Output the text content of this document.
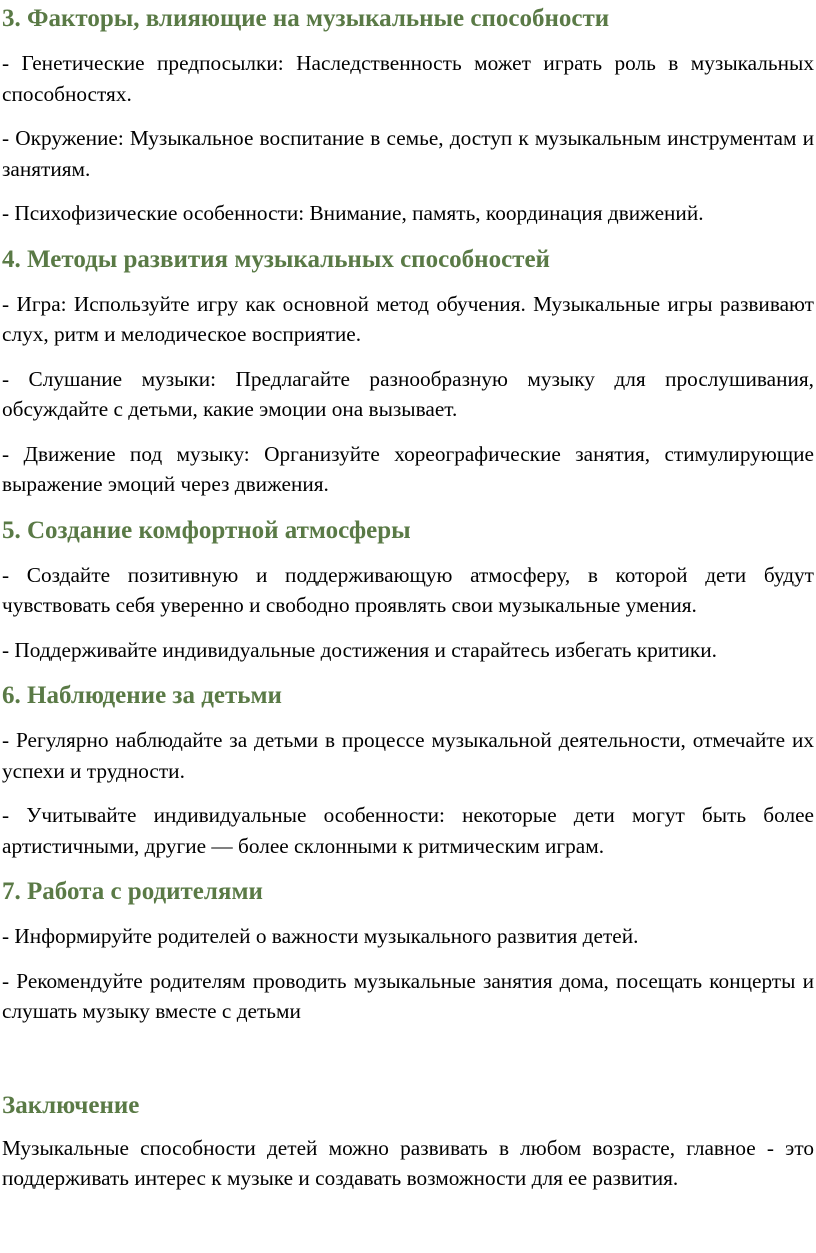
3. Факторы, влияющие на музыкальные способности

- Генетические предпосылки: Наследственность может играть роль в музыкальных способностях.

- Окружение: Музыкальное воспитание в семье, доступ к музыкальным инструментам и занятиям.

- Психофизические особенности: Внимание, память, координация движений.

4. Методы развития музыкальных способностей

- Игра: Используйте игру как основной метод обучения. Музыкальные игры развивают слух, ритм и мелодическое восприятие.

- Слушание музыки: Предлагайте разнообразную музыку для прослушивания, обсуждайте с детьми, какие эмоции она вызывает.

- Движение под музыку: Организуйте хореографические занятия, стимулирующие выражение эмоций через движения.

5. Создание комфортной атмосферы

- Создайте позитивную и поддерживающую атмосферу, в которой дети будут чувствовать себя уверенно и свободно проявлять свои музыкальные умения.

- Поддерживайте индивидуальные достижения и старайтесь избегать критики.

6. Наблюдение за детьми

- Регулярно наблюдайте за детьми в процессе музыкальной деятельности, отмечайте их успехи и трудности.

- Учитывайте индивидуальные особенности: некоторые дети могут быть более артистичными, другие — более склонными к ритмическим играм.

7. Работа с родителями

- Информируйте родителей о важности музыкального развития детей.

- Рекомендуйте родителям проводить музыкальные занятия дома, посещать концерты и слушать музыку вместе с детьми

Заключение

Музыкальные способности детей можно развивать в любом возрасте, главное - это поддерживать интерес к музыке и создавать возможности для ее развития.
